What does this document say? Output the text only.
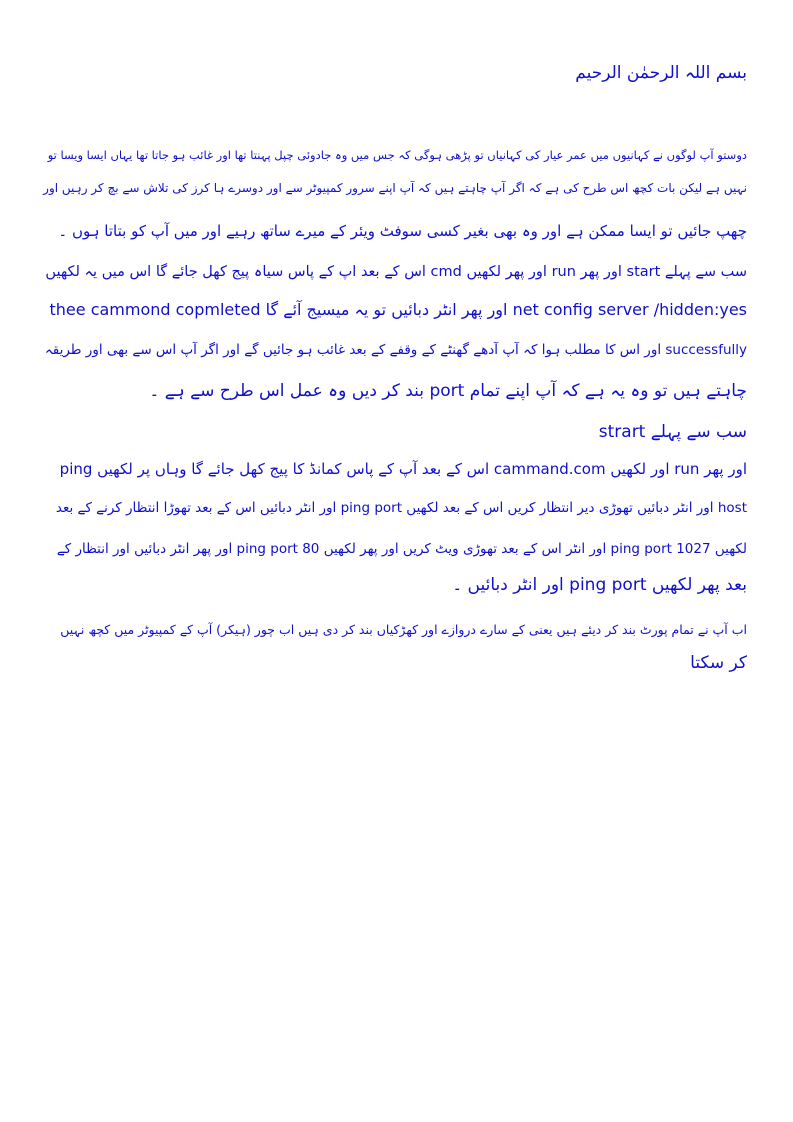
بسم اللہ الرحمٰن الرحیم
دوستو آپ لوگوں نے کہانیوں میں عمر عیار کی کہانیاں تو پڑھی ہوگی کہ جس میں وہ جادوئی چپل پہنتا تھا اور غائب ہو جاتا تھا یہاں ایسا ویسا تو
نہیں ہے لیکن بات کچھ اس طرح کی ہے کہ اگر آپ چاہتے ہیں کہ آپ اپنے سرور کمپیوٹر سے اور دوسرے ہا کرز کی تلاش سے بچ کر رہیں اور
چھپ جائیں تو ایسا ممکن ہے اور وہ بھی بغیر کسی سوفٹ ویئر کے میرے ساتھ رہیے اور میں آپ کو بتاتا ہوں ۔
سب سے پہلے start اور پھر run اور پھر لکھیں cmd اس کے بعد اپ کے پاس سیاہ پیج کھل جائے گا اس میں یہ لکھیں
net config server /hidden:yes اور پھر انٹر دبائیں تو یہ میسیج آئے گا thee cammond copmleted
successfully اور اس کا مطلب ہوا کہ آپ آدھے گھنٹے کے وقفے کے بعد غائب ہو جائیں گے اور اگر آپ اس سے بھی اور طریقہ
چاہتے ہیں تو وہ یہ ہے کہ آپ اپنے تمام port بند کر دیں وہ عمل اس طرح سے ہے ۔
سب سے پہلے strart
اور پھر run اور لکھیں cammand.com اس کے بعد آپ کے پاس کمانڈ کا پیج کھل جائے گا وہاں پر لکھیں ping
host اور انٹر دبائیں تھوڑی دیر انتظار کریں اس کے بعد لکھیں ping port اور انٹر دبائیں اس کے بعد تھوڑا انتظار کرنے کے بعد
لکھیں ping port 1027 اور انٹر اس کے بعد تھوڑی ویٹ کریں اور پھر لکھیں ping port 80 اور پھر انٹر دبائیں اور انتظار کے
بعد پھر لکھیں ping port اور انٹر دبائیں ۔
اب آپ نے تمام پورٹ بند کر دیئے ہیں یعنی کے سارے دروازے اور کھڑکیاں بند کر دی ہیں اب چور (ہیکر) آپ کے کمپیوٹر میں کچھ نہیں
کر سکتا
